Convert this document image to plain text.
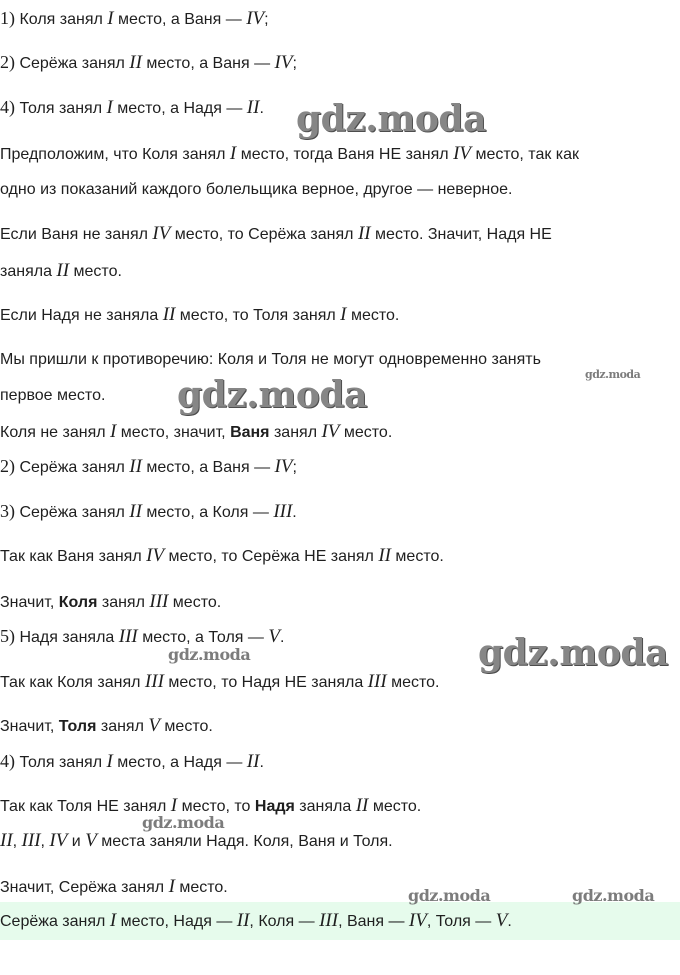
1) Коля занял I место, а Ваня — IV;
2) Серёжа занял II место, а Ваня — IV;
4) Толя занял I место, а Надя — II.
Предположим, что Коля занял I место, тогда Ваня НЕ занял IV место, так как
одно из показаний каждого болельщика верное, другое — неверное.
Если Ваня не занял IV место, то Серёжа занял II место. Значит, Надя НЕ
заняла II место.
Если Надя не заняла II место, то Толя занял I место.
Мы пришли к противоречию: Коля и Толя не могут одновременно занять
первое место.
Коля не занял I место, значит, Ваня занял IV место.
2) Серёжа занял II место, а Ваня — IV;
3) Серёжа занял II место, а Коля — III.
Так как Ваня занял IV место, то Серёжа НЕ занял II место.
Значит, Коля занял III место.
5) Надя заняла III место, а Толя — V.
Так как Коля занял III место, то Надя НЕ заняла III место.
Значит, Толя занял V место.
4) Толя занял I место, а Надя — II.
Так как Толя НЕ занял I место, то Надя заняла II место.
II, III, IV и V места заняли Надя. Коля, Ваня и Толя.
Значит, Серёжа занял I место.
Серёжа занял I место, Надя — II, Коля — III, Ваня — IV, Толя — V.
gdz.moda
gdz.moda
gdz.moda
gdz.moda
gdz.moda
gdz.moda
gdz.moda	gdz.moda
